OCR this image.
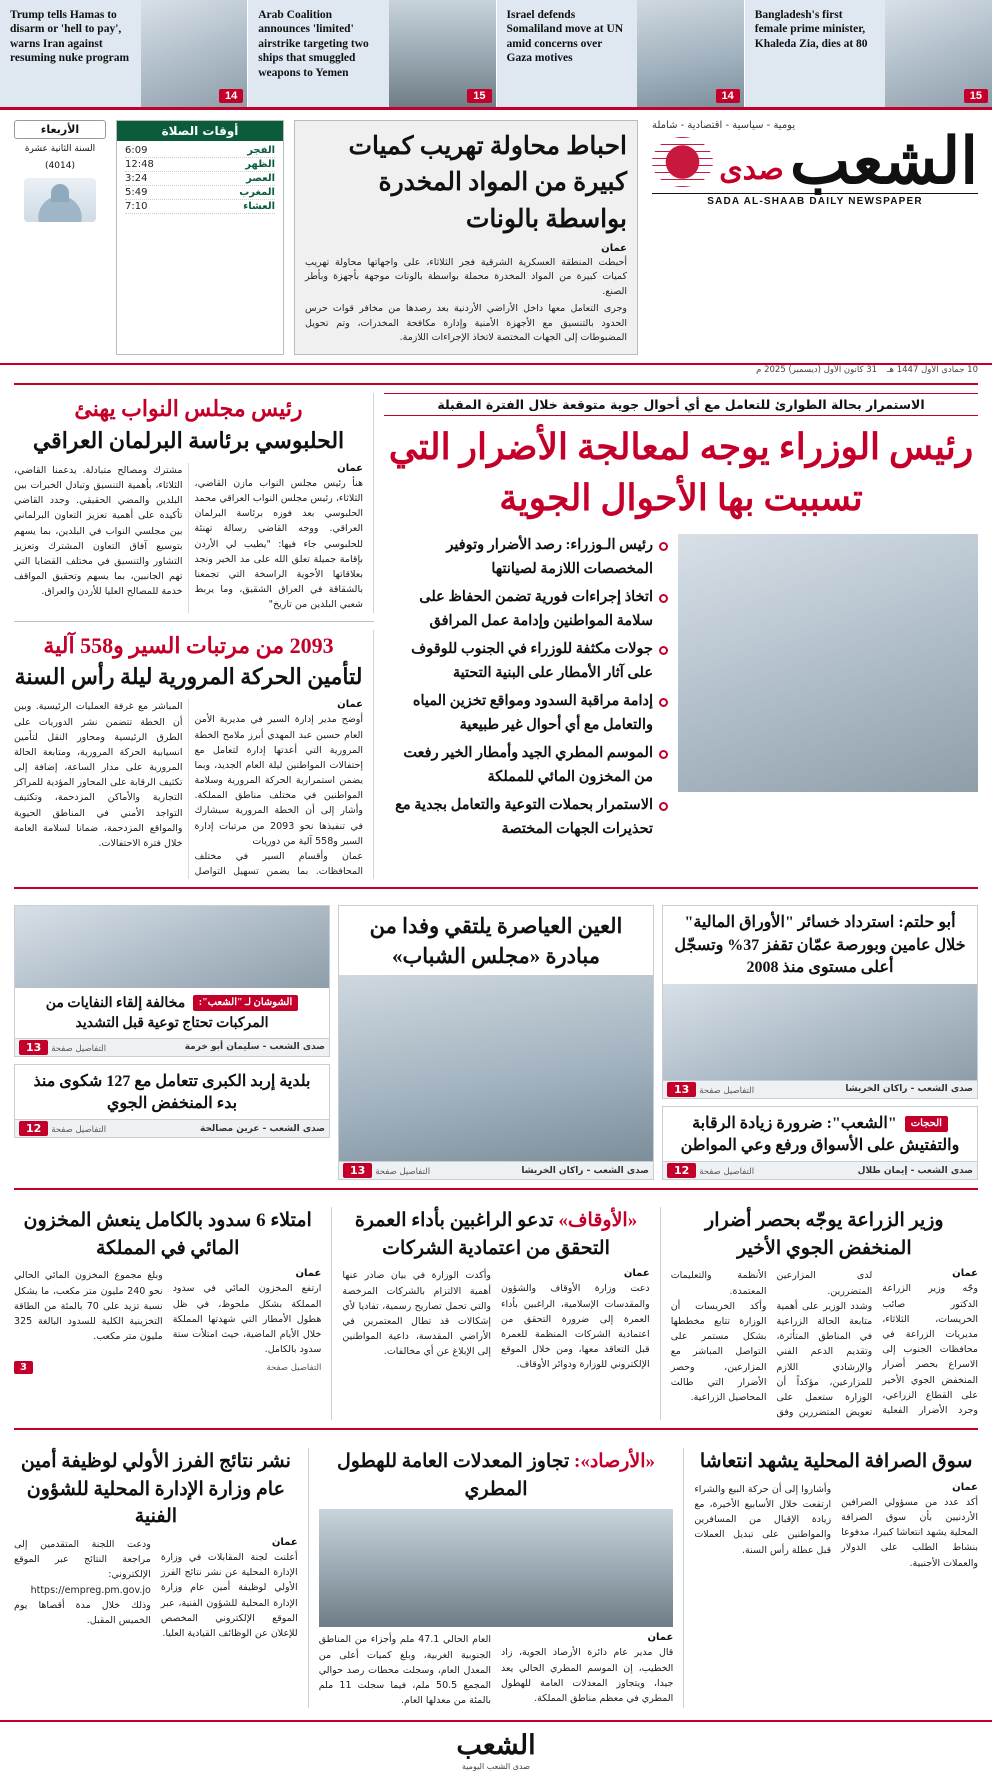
Trump tells Hamas to disarm or 'hell to pay', warns Iran against resuming nuke program
14
Arab Coalition announces 'limited' airstrike targeting two ships that smuggled weapons to Yemen
15
Israel defends Somaliland move at UN amid concerns over Gaza motives
14
Bangladesh's first female prime minister, Khaleda Zia, dies at 80
15
يومية - سياسية - اقتصادية - شاملة
الشعب
صدى
SADA AL-SHAAB DAILY NEWSPAPER
احباط محاولة تهريب كميات كبيرة من المواد المخدرة بواسطة بالونات
عمان
أحبطت المنطقة العسكرية الشرقية فجر الثلاثاء، على واجهاتها محاولة تهريب كميات كبيرة من المواد المخدرة محملة بواسطة بالونات موجهة بأجهزة وبأطر الصنع.
وجرى التعامل معها داخل الأراضي الأردنية بعد رصدها من مخافر قوات حرس الحدود بالتنسيق مع الأجهزة الأمنية وإدارة مكافحة المخدرات، وتم تحويل المضبوطات إلى الجهات المختصة لاتخاذ الإجراءات اللازمة.
أوقات الصلاة
الفجر
6:09
الظهر
12:48
العصر
3:24
المغرب
5:49
العشاء
7:10
الأربعاء
السنة الثانية عشرة
(4014)
10 جمادى الأول 1447 هـ
31 كانون الأول (ديسمبر) 2025 م
الاستمرار بحالة الطوارئ للتعامل مع أي أحوال جوية متوقعة خلال الفترة المقبلة
رئيس الوزراء يوجه لمعالجة الأضرار التي تسببت بها الأحوال الجوية
رئيس الـوزراء: رصد الأضرار وتوفير المخصصات اللازمة لصيانتها
اتخاذ إجراءات فورية تضمن الحفاظ على سلامة المواطنين وإدامة عمل المرافق
جولات مكثفة للوزراء في الجنوب للوقوف على آثار الأمطار على البنية التحتية
إدامة مراقبة السدود ومواقع تخزين المياه والتعامل مع أي أحوال غير طبيعية
الموسم المطري الجيد وأمطار الخير رفعت من المخزون المائي للمملكة
الاستمرار بحملات التوعية والتعامل بجدية مع تحذيرات الجهات المختصة
رئيس مجلس النواب يهنئ
الحلبوسي برئاسة البرلمان العراقي
عمان
هنأ رئيس مجلس النواب مازن القاضي، الثلاثاء، رئيس مجلس النواب العراقي محمد الحلبوسي بعد فوزه برئاسة البرلمان العراقي. ووجه القاضي رسالة تهنئة للحلبوسي جاء فيها: "يطيب لي الأردن بإقامة جميلة تعلق الله على مد الخير ونجد بعلاقاتها الأخوية الراسخة التي تجمعنا بالشقاقة في العراق الشقيق، وما يربط شعبي البلدين من تاريخ"
مشترك ومصالح متبادلة. يدعمنا القاضي، الثلاثاء، بأهمية التنسيق وتبادل الخبرات بين البلدين والمضي الحقيقي. وجدد القاضي تأكيده على أهمية تعزيز التعاون البرلماني بين مجلسي النواب في البلدين، بما يسهم بتوسيع آفاق التعاون المشترك وتعزيز التشاور والتنسيق في مختلف القضايا التي تهم الجانبين، بما يسهم وتحقيق المواقف خدمة للمصالح العليا للأردن والعراق.
2093 من مرتبات السير و558 آلية
لتأمين الحركة المرورية ليلة رأس السنة
عمان
أوضح مدير إدارة السير في مديرية الأمن العام حسين عبد المهدي أبرز ملامح الخطة المرورية التي أعدتها إدارة لتعامل مع إحتفالات المواطنين ليلة العام الجديد، وبما يضمن استمرارية الحركة المرورية وسلامة المواطنين في مختلف مناطق المملكة. وأشار إلى أن الخطة المرورية سيشارك في تنفيذها نحو 2093 من مرتبات إدارة السير و558 آلية من دوريات
عمان وأقسام السير في مختلف المحافظات. بما يضمن تسهيل التواصل المباشر مع غرفة العمليات الرئيسية. وبين أن الخطة تتضمن نشر الدوريات على الطرق الرئيسية ومحاور النقل لتأمين انسيابية الحركة المرورية، ومتابعة الحالة المرورية على مدار الساعة، إضافة إلى تكثيف الرقابة على المحاور المؤدية للمراكز التجارية والأماكن المزدحمة، وتكثيف التواجد الأمني في المناطق الحيوية والمواقع المزدحمة، ضمانا لسلامة العامة خلال فترة الاحتفالات.
أبو حلتم: استرداد خسائر "الأوراق المالية" خلال عامين وبورصة عمّان تقفز 37% وتسجّل أعلى مستوى منذ 2008
صدى الشعب - راكان الخريشا
التفاصيل صفحة 13
الحجات "الشعب": ضرورة زيادة الرقابة والتفتيش على الأسواق ورفع وعي المواطن
صدى الشعب - إيمان طلال
التفاصيل صفحة 12
العين العياصرة يلتقي وفدا من مبادرة «مجلس الشباب»
صدى الشعب - راكان الخريشا
التفاصيل صفحة 13
الشوشان لـ "الشعب": مخالفة إلقاء النفايات من المركبات تحتاج توعية قبل التشديد
صدى الشعب - سليمان أبو خرمة
التفاصيل صفحة 13
بلدية إربد الكبرى تتعامل مع 127 شكوى منذ بدء المنخفض الجوي
صدى الشعب - عرين مصالحة
التفاصيل صفحة 12
وزير الزراعة يوجّه بحصر أضرار المنخفض الجوي الأخير
عمان
وجّه وزير الزراعة الدكتور صائب الخريسات، الثلاثاء، مديريات الزراعة في محافظات الجنوب إلى الاسراع بحصر أضرار المنخفض الجوي الأخير على القطاع الزراعي، وجرد الأضرار الفعلية لدى المزارعين المتضررين.
وشدد الوزير على أهمية متابعة الحالة الزراعية في المناطق المتأثرة، وتقديم الدعم الفني والإرشادي اللازم للمزارعين، مؤكداً أن الوزارة ستعمل على تعويض المتضررين وفق الأنظمة والتعليمات المعتمدة.
وأكد الخريسات أن الوزارة تتابع مخططها بشكل مستمر على التواصل المباشر مع المزارعين، وحصر الأضرار التي طالت المحاصيل الزراعية.
«الأوقاف» تدعو الراغبين بأداء العمرة التحقق من اعتمادية الشركات
عمان
دعت وزارة الأوقاف والشؤون والمقدسات الإسلامية، الراغبين بأداء العمرة إلى ضرورة التحقق من اعتمادية الشركات المنظمة للعمرة قبل التعاقد معها، ومن خلال الموقع الإلكتروني للوزارة ودوائر الأوقاف.
وأكدت الوزارة في بيان صادر عنها أهمية الالتزام بالشركات المرخصة والتي تحمل تصاريح رسمية، تفاديا لأي إشكالات قد تطال المعتمرين في الأراضي المقدسة، داعية المواطنين إلى الإبلاغ عن أي مخالفات.
امتلاء 6 سدود بالكامل ينعش المخزون المائي في المملكة
عمان
ارتفع المخزون المائي في سدود المملكة بشكل ملحوظ، في ظل هطول الأمطار التي شهدتها المملكة خلال الأيام الماضية، حيث امتلأت ستة سدود بالكامل.
وبلغ مجموع المخزون المائي الحالي نحو 240 مليون متر مكعب، ما يشكل نسبة تزيد على 70 بالمئة من الطاقة التخزينية الكلية للسدود البالغة 325 مليون متر مكعب.
التفاصيل صفحة
3
سوق الصرافة المحلية يشهد انتعاشا
عمان
أكد عدد من مسؤولي الصرافين الأردنيين بأن سوق الصرافة المحلية يشهد انتعاشا كبيرا، مدفوعا بنشاط الطلب على الدولار والعملات الأجنبية.
وأشاروا إلى أن حركة البيع والشراء ارتفعت خلال الأسابيع الأخيرة، مع زيادة الإقبال من المسافرين والمواطنين على تبديل العملات قبل عطلة رأس السنة.
«الأرصاد»: تجاوز المعدلات العامة للهطول المطري
عمان
قال مدير عام دائرة الأرصاد الجوية، زاد الخطيب، إن الموسم المطري الحالي يعد جيدا، ويتجاوز المعدلات العامة للهطول المطري في معظم مناطق المملكة.
العام الحالي 47.1 ملم وأجزاء من المناطق الجنوبية الغربية، وبلغ كميات أعلى من المعدل العام، وسجلت محطات رصد حوالي المجمع 50.5 ملم، فيما سجلت 11 ملم بالمئة من معدلها العام.
نشر نتائج الفرز الأولي لوظيفة أمين عام وزارة الإدارة المحلية للشؤون الفنية
عمان
أعلنت لجنة المقابلات في وزارة الإدارة المحلية عن نشر نتائج الفرز الأولي لوظيفة أمين عام وزارة الإدارة المحلية للشؤون الفنية، عبر الموقع الإلكتروني المخصص للإعلان عن الوظائف القيادية العليا.
ودعت اللجنة المتقدمين إلى مراجعة النتائج عبر الموقع الإلكتروني: https://empreg.pm.gov.jo وذلك خلال مدة أقصاها يوم الخميس المقبل.
الشعب
صدى الشعب اليومية
